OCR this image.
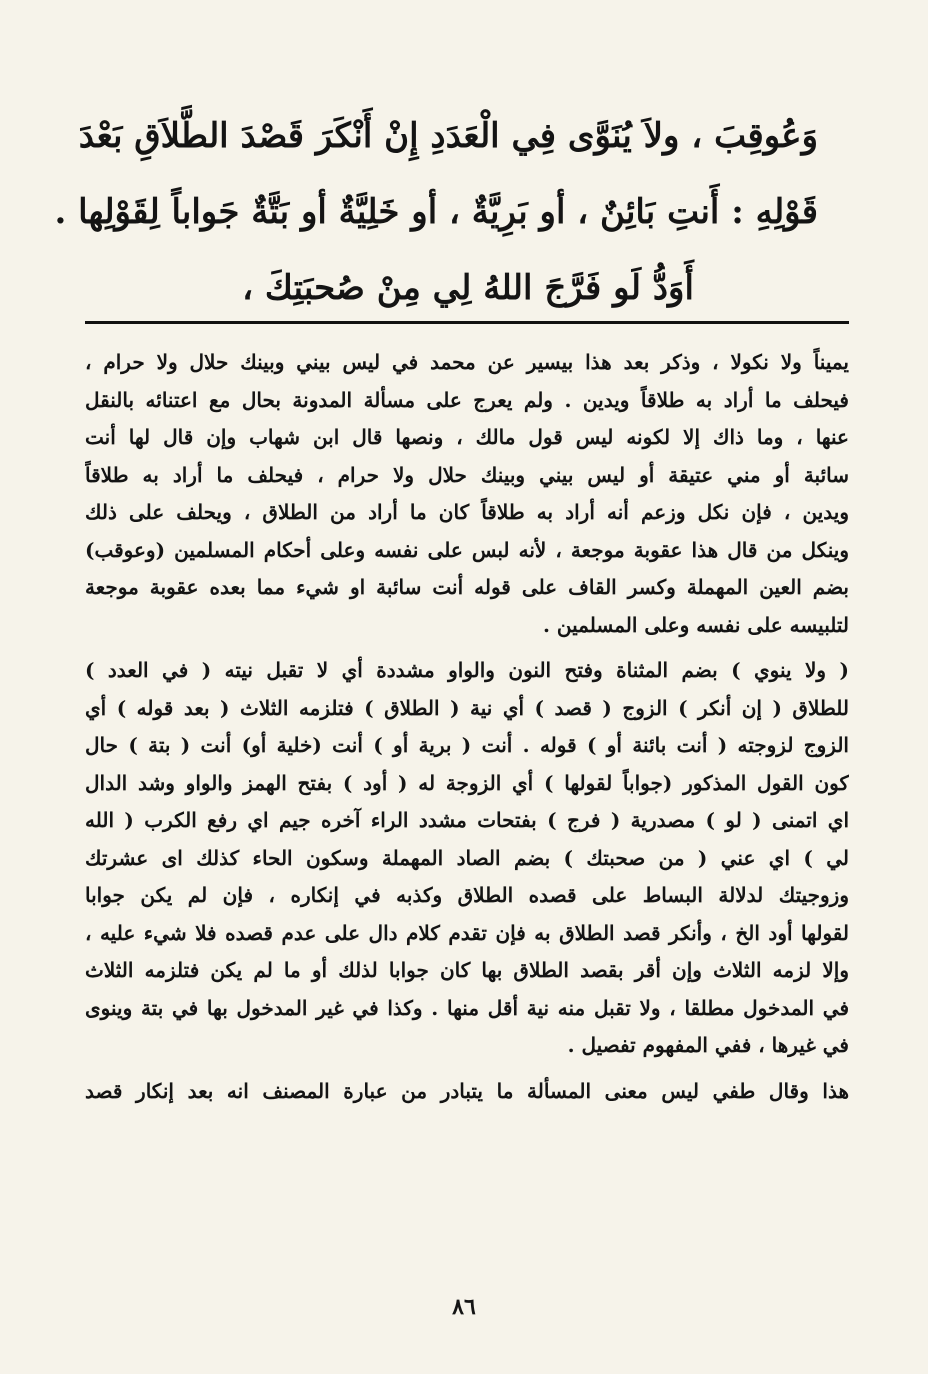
وَعُوقِبَ ، ولاَ يُنَوَّى فِي الْعَدَدِ إِنْ أَنْكَرَ قَصْدَ الطَّلاَقِ بَعْدَ
قَوْلِهِ : أَنتِ بَائِنٌ ، أو بَرِيَّةٌ ، أو خَلِيَّةٌ أو بَتَّةٌ جَواباً لِقَوْلِها .
أَوَدُّ لَو فَرَّجَ اللهُ لِي مِنْ صُحبَتِكَ ،
يميناً ولا نكولا ، وذكر بعد هذا بيسير عن محمد في ليس بيني وبينك حلال ولا حرام ،
فيحلف ما أراد به طلاقاً ويدين . ولم يعرج على مسألة المدونة بحال مع اعتنائه بالنقل
عنها ، وما ذاك إلا لكونه ليس قول مالك ، ونصها قال ابن شهاب وإن قال لها أنت
سائبة أو مني عتيقة أو ليس بيني وبينك حلال ولا حرام ، فيحلف ما أراد به طلاقاً
ويدين ، فإن نكل وزعم أنه أراد به طلاقاً كان ما أراد من الطلاق ، ويحلف على ذلك
وينكل من قال هذا عقوبة موجعة ، لأنه لبس على نفسه وعلى أحكام المسلمين (وعوقب)
بضم العين المهملة وكسر القاف على قوله أنت سائبة او شيء مما بعده عقوبة موجعة
لتلبيسه على نفسه وعلى المسلمين .
( ولا ينوي ) بضم المثناة وفتح النون والواو مشددة أي لا تقبل نيته ( في العدد )
للطلاق ( إن أنكر ) الزوج ( قصد ) أي نية ( الطلاق ) فتلزمه الثلاث ( بعد قوله ) أي
الزوج لزوجته ( أنت بائنة أو ) قوله . أنت ( برية أو ) أنت (خلية أو) أنت ( بتة ) حال
كون القول المذكور (جواباً لقولها ) أي الزوجة له ( أود ) بفتح الهمز والواو وشد الدال
اي اتمنى ( لو ) مصدرية ( فرج ) بفتحات مشدد الراء آخره جيم اي رفع الكرب ( الله
لي ) اي عني ( من صحبتك ) بضم الصاد المهملة وسكون الحاء كذلك اى عشرتك
وزوجيتك لدلالة البساط على قصده الطلاق وكذبه في إنكاره ، فإن لم يكن جوابا
لقولها أود الخ ، وأنكر قصد الطلاق به فإن تقدم كلام دال على عدم قصده فلا شيء عليه ،
وإلا لزمه الثلاث وإن أقر بقصد الطلاق بها كان جوابا لذلك أو ما لم يكن فتلزمه الثلاث
في المدخول مطلقا ، ولا تقبل منه نية أقل منها . وكذا في غير المدخول بها في بتة وينوى
في غيرها ، ففي المفهوم تفصيل .
هذا وقال طفي ليس معنى المسألة ما يتبادر من عبارة المصنف انه بعد إنكار قصد
٨٦
